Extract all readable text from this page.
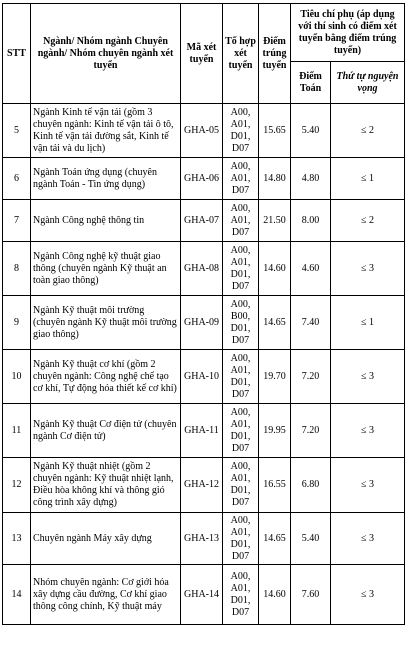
STT	Ngành/ Nhóm ngành Chuyên ngành/ Nhóm chuyên ngành xét tuyển	Mã xét tuyển	Tổ hợp xét tuyển	Điểm trúng tuyển	Tiêu chí phụ (áp dụng với thí sinh có điểm xét tuyển bằng điểm trúng tuyển)	
					Điểm Toán	Thứ tự nguyện vọng
5	Ngành Kinh tế vận tải (gồm 3 chuyên ngành: Kinh tế vận tải ô tô, Kinh tế vận tải đường sắt, Kinh tế vận tải và du lịch)	GHA-05	A00,
A01,
D01,
D07	15.65	5.40	≤ 2
6	Ngành Toán ứng dụng (chuyên ngành Toán - Tin ứng dụng)	GHA-06	A00,
A01,
D07	14.80	4.80	≤ 1
7	Ngành Công nghệ thông tin	GHA-07	A00,
A01,
D07	21.50	8.00	≤ 2
8	Ngành Công nghệ kỹ thuật giao thông (chuyên ngành Kỹ thuật an toàn giao thông)	GHA-08	A00,
A01,
D01,
D07	14.60	4.60	≤ 3
9	Ngành Kỹ thuật môi trường (chuyên ngành Kỹ thuật môi trường giao thông)	GHA-09	A00,
B00,
D01,
D07	14.65	7.40	≤ 1
10	Ngành Kỹ thuật cơ khí (gồm 2 chuyên ngành: Công nghệ chế tạo cơ khí, Tự động hóa thiết kế cơ khí)	GHA-10	A00,
A01,
D01,
D07	19.70	7.20	≤ 3
11	Ngành Kỹ thuật Cơ điện tử (chuyên ngành Cơ điện tử)	GHA-11	A00,
A01,
D01,
D07	19.95	7.20	≤ 3
12	Ngành Kỹ thuật nhiệt (gồm 2 chuyên ngành: Kỹ thuật nhiệt lạnh, Điều hòa không khí và thông gió công trình xây dựng)	GHA-12	A00,
A01,
D01,
D07	16.55	6.80	≤ 3
13	Chuyên ngành Máy xây dựng	GHA-13	A00,
A01,
D01,
D07	14.65	5.40	≤ 3
14	Nhóm chuyên ngành: Cơ giới hóa xây dựng cầu đường, Cơ khí giao thông công chính, Kỹ thuật máy	GHA-14	A00,
A01,
D01,
D07	14.60	7.60	≤ 3
